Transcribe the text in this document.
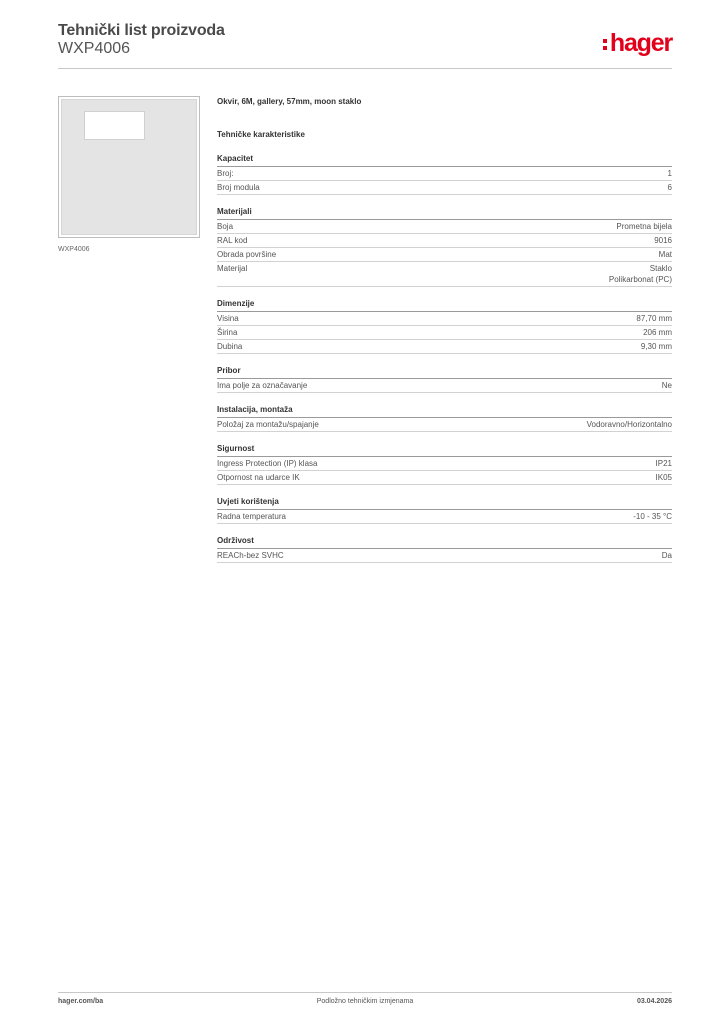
Tehnički list proizvoda
WXP4006	hager
WXP4006
Okvir, 6M, gallery, 57mm, moon staklo
Tehničke karakteristike
Kapacitet
Broj:	1
Broj modula	6
Materijali
Boja	Prometna bijela
RAL kod	9016
Obrada površine	Mat
Materijal	Staklo
Polikarbonat (PC)
Dimenzije
Visina	87,70 mm
Širina	206 mm
Dubina	9,30 mm
Pribor
Ima polje za označavanje	Ne
Instalacija, montaža
Položaj za montažu/spajanje	Vodoravno/Horizontalno
Sigurnost
Ingress Protection (IP) klasa	IP21
Otpornost na udarce IK	IK05
Uvjeti korištenja
Radna temperatura	-10 - 35 °C
Održivost
REACh-bez SVHC	Da
hager.com/ba	Podložno tehničkim izmjenama	03.04.2026
